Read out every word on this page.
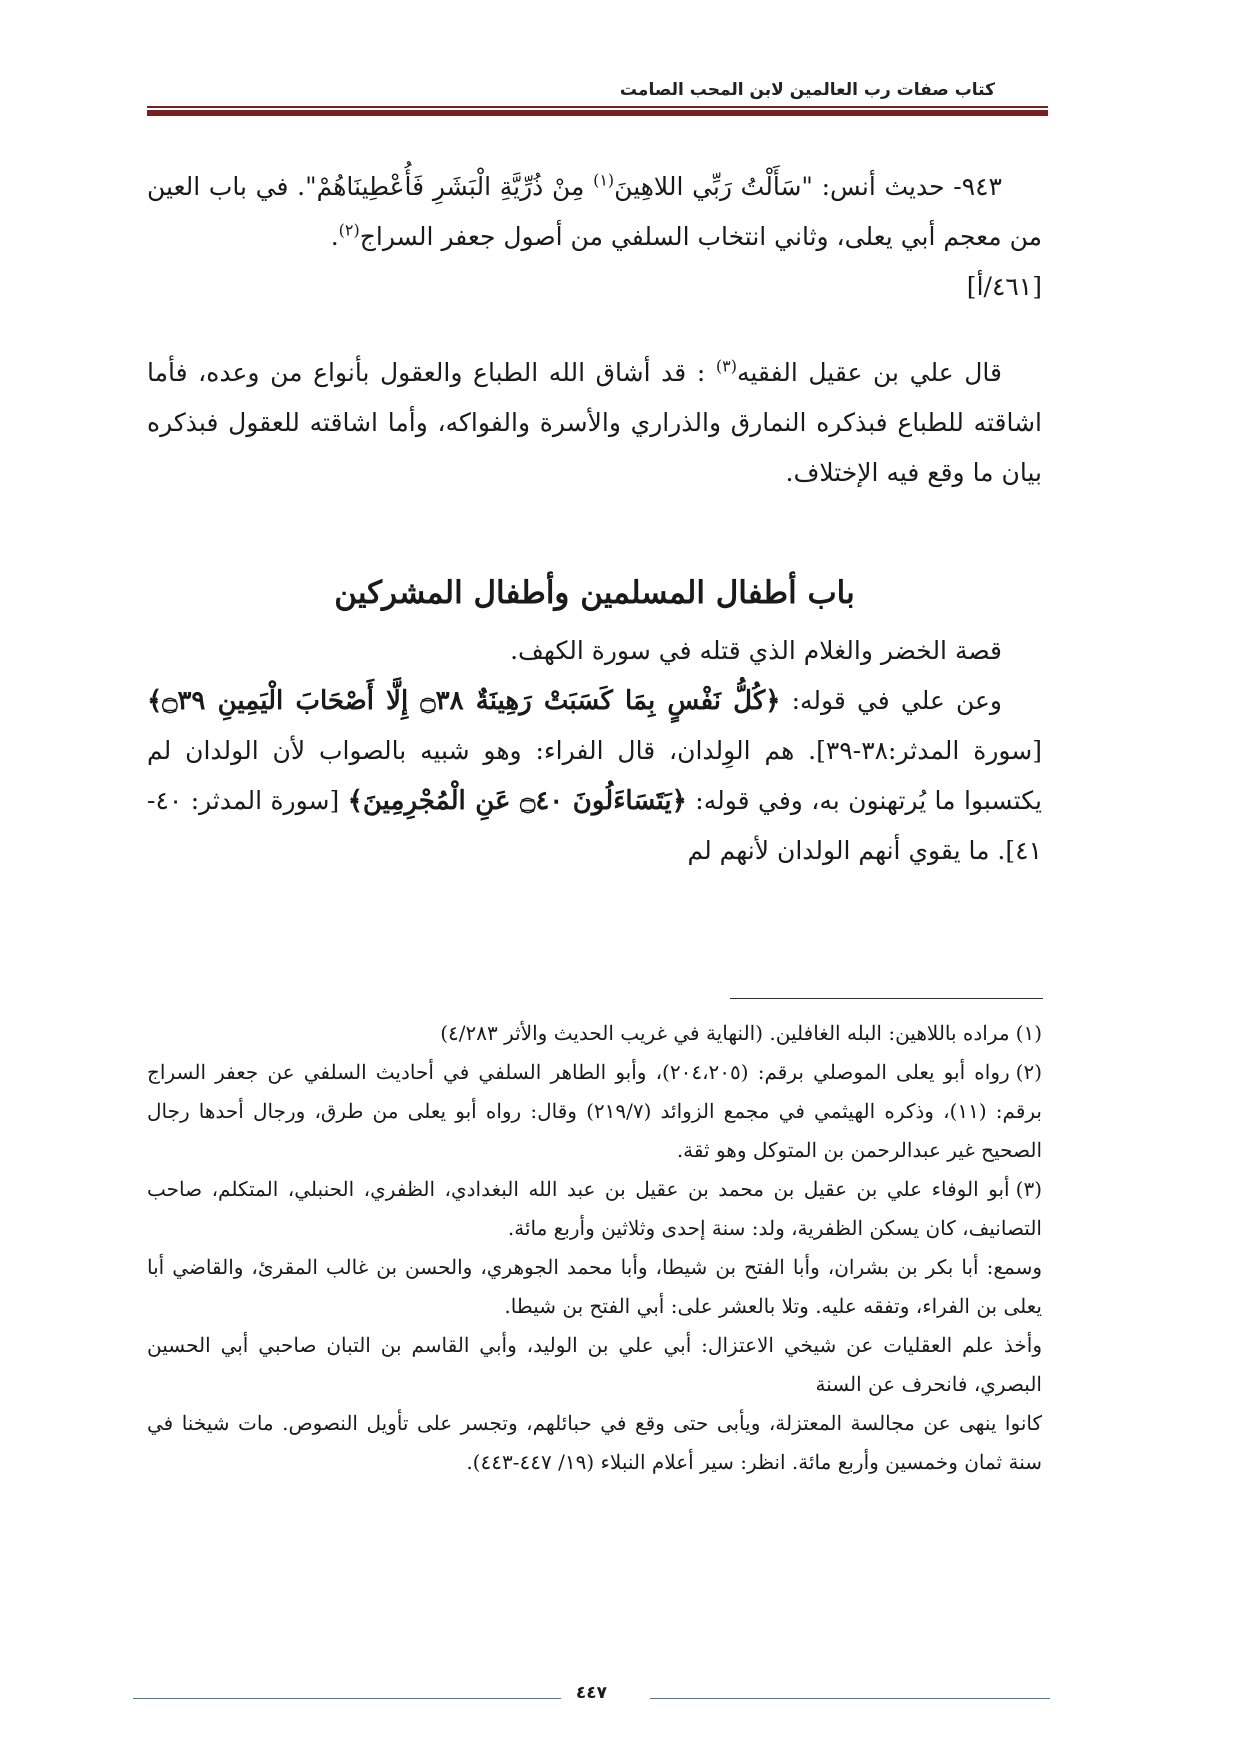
كتاب صفات رب العالمين لابن المحب الصامت

٩٤٣- حديث أنس: "سَأَلْتُ رَبِّي اللاهِينَ$^{(١)}$ مِنْ ذُرِّيَّةِ الْبَشَرِ فَأُعْطِينَاهُمْ". في باب العين من معجم أبي يعلى، وثاني انتخاب السلفي من أصول جعفر السراج$^{(٢)}$.

[٤٦١/أ]

قال علي بن عقيل الفقيه$^{(٣)}$ : قد أشاق الله الطباع والعقول بأنواع من وعده، فأما اشاقته للطباع فبذكره النمارق والذراري والأسرة والفواكه، وأما اشاقته للعقول فبذكره بيان ما وقع فيه الإختلاف.

باب أطفال المسلمين وأطفال المشركين

قصة الخضر والغلام الذي قتله في سورة الكهف.

وعن علي في قوله: ﴿كُلُّ نَفْسٍ بِمَا كَسَبَتْ رَهِينَةٌ ۝٣٨ إِلَّا أَصْحَابَ الْيَمِينِ ۝٣٩﴾ [سورة المدثر:٣٨-٣٩]. هم الوِلدان، قال الفراء: وهو شبيه بالصواب لأن الولدان لم يكتسبوا ما يُرتهنون به، وفي قوله: ﴿يَتَسَاءَلُونَ ۝٤٠ عَنِ الْمُجْرِمِينَ﴾ [سورة المدثر: ٤٠- ٤١]. ما يقوي أنهم الولدان لأنهم لم

(١)مراده باللاهين: البله الغافلين. (النهاية في غريب الحديث والأثر ٤/٢٨٣)

(٢)رواه أبو يعلى الموصلي برقم: (٢٠٤،٢٠٥)، وأبو الطاهر السلفي في أحاديث السلفي عن جعفر السراج برقم: (١١)، وذكره الهيثمي في مجمع الزوائد (٢١٩/٧) وقال: رواه أبو يعلى من طرق، ورجال أحدها رجال الصحيح غير عبدالرحمن بن المتوكل وهو ثقة.

(٣)أبو الوفاء علي بن عقيل بن محمد بن عقيل بن عبد الله البغدادي، الظفري، الحنبلي، المتكلم، صاحب التصانيف، كان يسكن الظفرية، ولد: سنة إحدى وثلاثين وأربع مائة.

وسمع: أبا بكر بن بشران، وأبا الفتح بن شيطا، وأبا محمد الجوهري، والحسن بن غالب المقرئ، والقاضي أبا يعلى بن الفراء، وتفقه عليه. وتلا بالعشر على: أبي الفتح بن شيطا.

وأخذ علم العقليات عن شيخي الاعتزال: أبي علي بن الوليد، وأبي القاسم بن التبان صاحبي أبي الحسين البصري، فانحرف عن السنة

كانوا ينهى عن مجالسة المعتزلة، ويأبى حتى وقع في حبائلهم، وتجسر على تأويل النصوص. مات شيخنا في سنة ثمان وخمسين وأربع مائة. انظر: سير أعلام النبلاء (١٩/ ٤٤٧-٤٤٣).

٤٤٧
